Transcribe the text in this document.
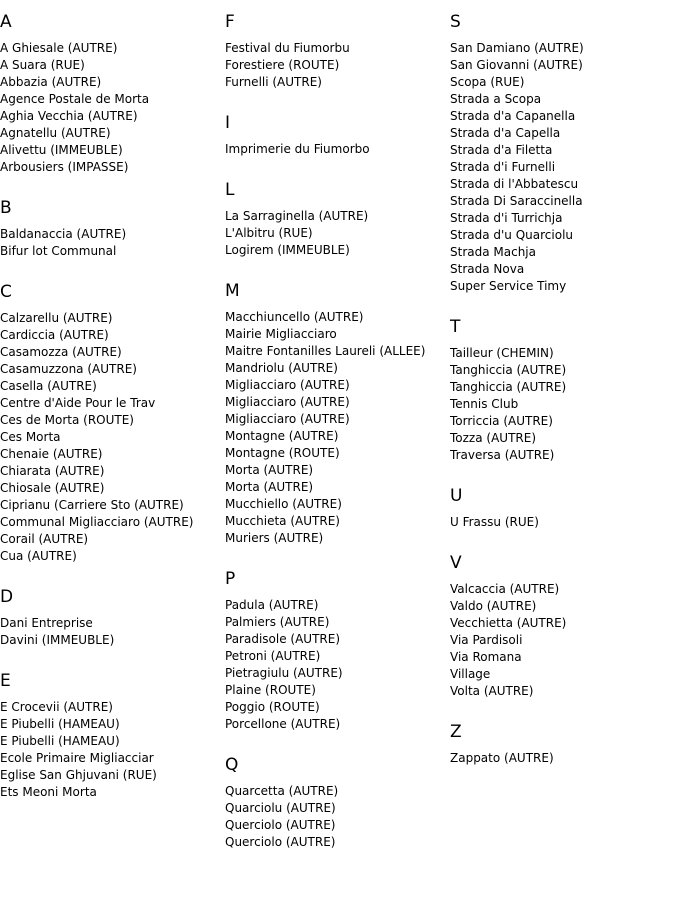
A
A Ghiesale (AUTRE)
A Suara (RUE)
Abbazia (AUTRE)
Agence Postale de Morta
Aghia Vecchia (AUTRE)
Agnatellu (AUTRE)
Alivettu (IMMEUBLE)
Arbousiers (IMPASSE)
B
Baldanaccia (AUTRE)
Bifur lot Communal
C
Calzarellu (AUTRE)
Cardiccia (AUTRE)
Casamozza (AUTRE)
Casamuzzona (AUTRE)
Casella (AUTRE)
Centre d'Aide Pour le Trav
Ces de Morta (ROUTE)
Ces Morta
Chenaie (AUTRE)
Chiarata (AUTRE)
Chiosale (AUTRE)
Ciprianu (Carriere Sto (AUTRE)
Communal Migliacciaro (AUTRE)
Corail (AUTRE)
Cua (AUTRE)
D
Dani Entreprise
Davini (IMMEUBLE)
E
E Crocevii (AUTRE)
E Piubelli (HAMEAU)
E Piubelli (HAMEAU)
Ecole Primaire Migliacciar
Eglise San Ghjuvani (RUE)
Ets Meoni Morta
F
Festival du Fiumorbu
Forestiere (ROUTE)
Furnelli (AUTRE)
I
Imprimerie du Fiumorbo
L
La Sarraginella (AUTRE)
L'Albitru (RUE)
Logirem (IMMEUBLE)
M
Macchiuncello (AUTRE)
Mairie Migliacciaro
Maitre Fontanilles Laureli (ALLEE)
Mandriolu (AUTRE)
Migliacciaro (AUTRE)
Migliacciaro (AUTRE)
Migliacciaro (AUTRE)
Montagne (AUTRE)
Montagne (ROUTE)
Morta (AUTRE)
Morta (AUTRE)
Mucchiello (AUTRE)
Mucchieta (AUTRE)
Muriers (AUTRE)
P
Padula (AUTRE)
Palmiers (AUTRE)
Paradisole (AUTRE)
Petroni (AUTRE)
Pietragiulu (AUTRE)
Plaine (ROUTE)
Poggio (ROUTE)
Porcellone (AUTRE)
Q
Quarcetta (AUTRE)
Quarciolu (AUTRE)
Querciolo (AUTRE)
Querciolo (AUTRE)
S
San Damiano (AUTRE)
San Giovanni (AUTRE)
Scopa (RUE)
Strada a Scopa
Strada d'a Capanella
Strada d'a Capella
Strada d'a Filetta
Strada d'i Furnelli
Strada di l'Abbatescu
Strada Di Saraccinella
Strada d'i Turrichja
Strada d'u Quarciolu
Strada Machja
Strada Nova
Super Service Timy
T
Tailleur (CHEMIN)
Tanghiccia (AUTRE)
Tanghiccia (AUTRE)
Tennis Club
Torriccia (AUTRE)
Tozza (AUTRE)
Traversa (AUTRE)
U
U Frassu (RUE)
V
Valcaccia (AUTRE)
Valdo (AUTRE)
Vecchietta (AUTRE)
Via Pardisoli
Via Romana
Village
Volta (AUTRE)
Z
Zappato (AUTRE)
